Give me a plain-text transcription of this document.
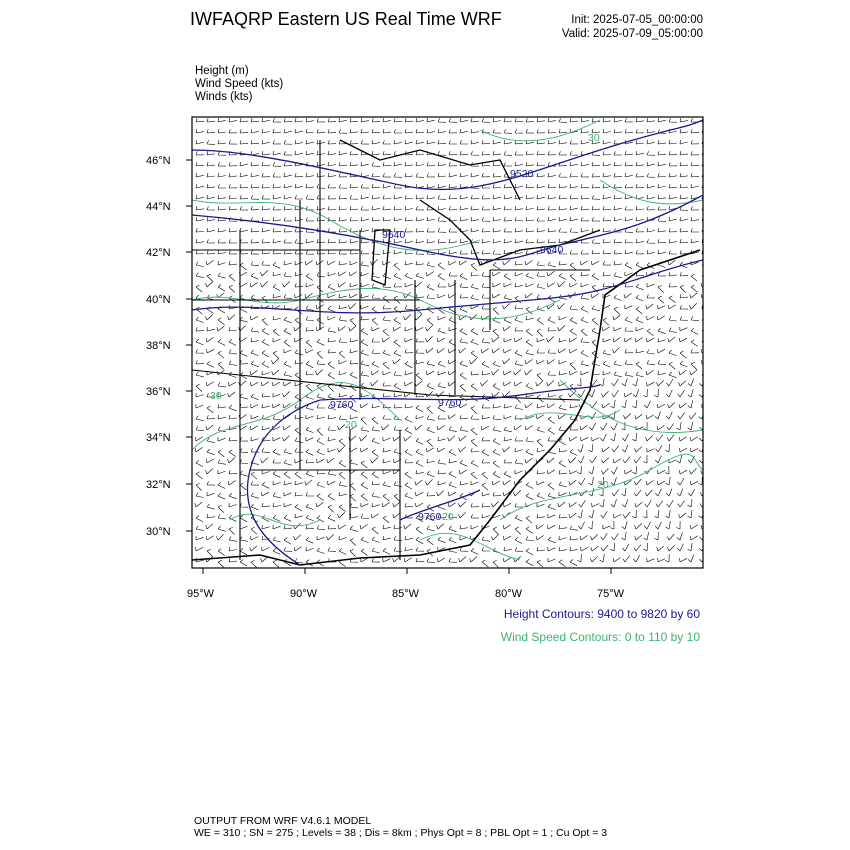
IWFAQRP Eastern US Real Time WRF	Init: 2025-07-05_00:00:00
Valid: 2025-07-09_05:00:00
Height (m)
Wind Speed (kts)
Winds (kts)
9520
9640
9640
9760	9760
9760
30
30
20
20
20
46°N
44°N
42°N
40°N
38°N
36°N
34°N
32°N
30°N
95°W	90°W	85°W	80°W	75°W
Height Contours: 9400 to 9820 by 60
Wind Speed Contours: 0 to 110 by 10
OUTPUT FROM WRF V4.6.1 MODEL
WE = 310 ; SN = 275 ; Levels = 38 ; Dis = 8km ; Phys Opt = 8 ; PBL Opt = 1 ; Cu Opt = 3
